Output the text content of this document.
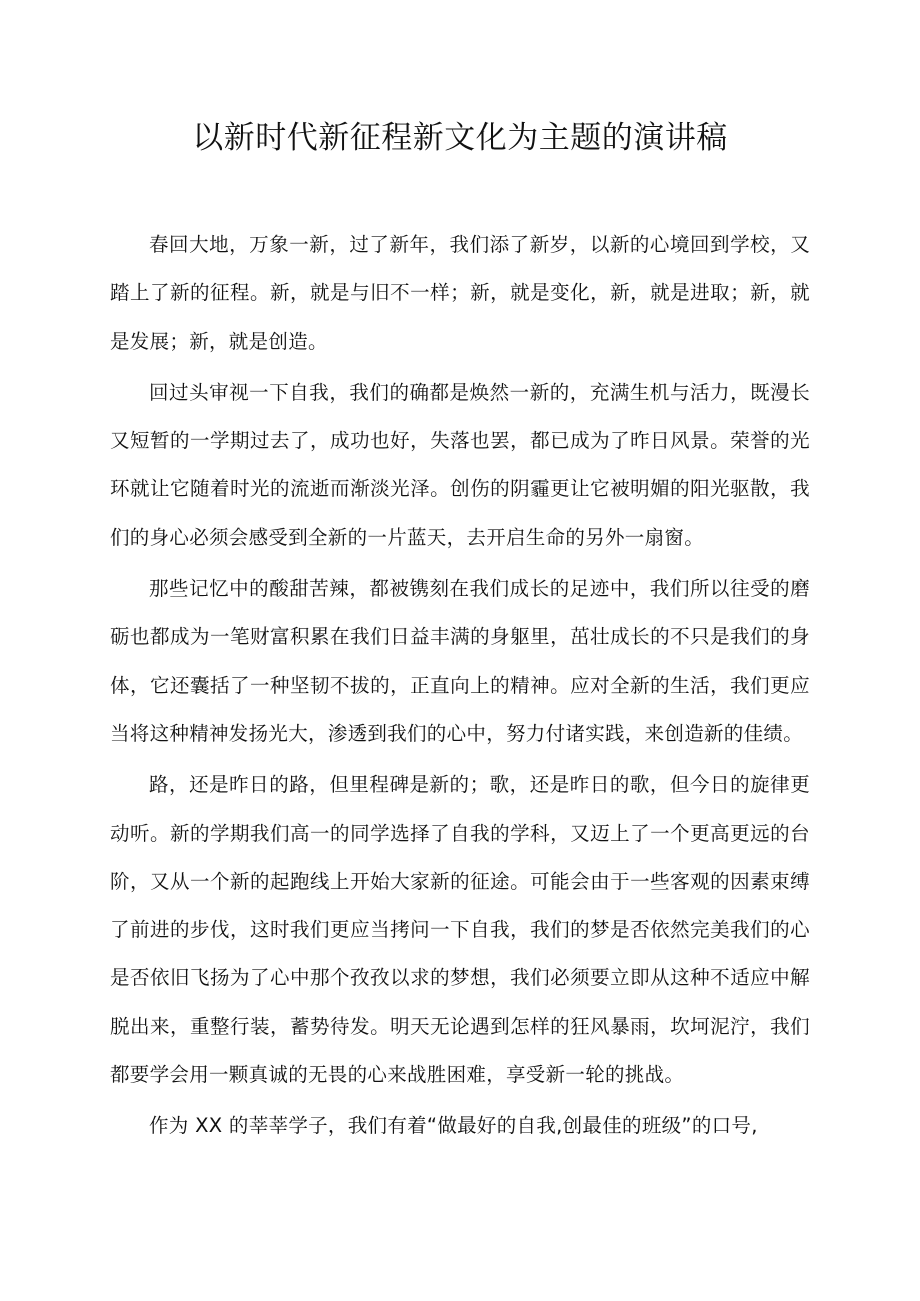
以新时代新征程新文化为主题的演讲稿

春回大地，万象一新，过了新年，我们添了新岁，以新的心境回到学校，又踏上了新的征程。新，就是与旧不一样；新，就是变化，新，就是进取；新，就是发展；新，就是创造。

回过头审视一下自我，我们的确都是焕然一新的，充满生机与活力，既漫长又短暂的一学期过去了，成功也好，失落也罢，都已成为了昨日风景。荣誉的光环就让它随着时光的流逝而渐淡光泽。创伤的阴霾更让它被明媚的阳光驱散，我们的身心必须会感受到全新的一片蓝天，去开启生命的另外一扇窗。

那些记忆中的酸甜苦辣，都被镌刻在我们成长的足迹中，我们所以往受的磨砺也都成为一笔财富积累在我们日益丰满的身躯里，茁壮成长的不只是我们的身体，它还囊括了一种坚韧不拔的，正直向上的精神。应对全新的生活，我们更应当将这种精神发扬光大，渗透到我们的心中，努力付诸实践，来创造新的佳绩。

路，还是昨日的路，但里程碑是新的；歌，还是昨日的歌，但今日的旋律更动听。新的学期我们高一的同学选择了自我的学科，又迈上了一个更高更远的台阶，又从一个新的起跑线上开始大家新的征途。可能会由于一些客观的因素束缚了前进的步伐，这时我们更应当拷问一下自我，我们的梦是否依然完美我们的心是否依旧飞扬为了心中那个孜孜以求的梦想，我们必须要立即从这种不适应中解脱出来，重整行装，蓄势待发。明天无论遇到怎样的狂风暴雨，坎坷泥泞，我们都要学会用一颗真诚的无畏的心来战胜困难，享受新一轮的挑战。

作为 XX 的莘莘学子，我们有着“做最好的自我,创最佳的班级”的口号,
